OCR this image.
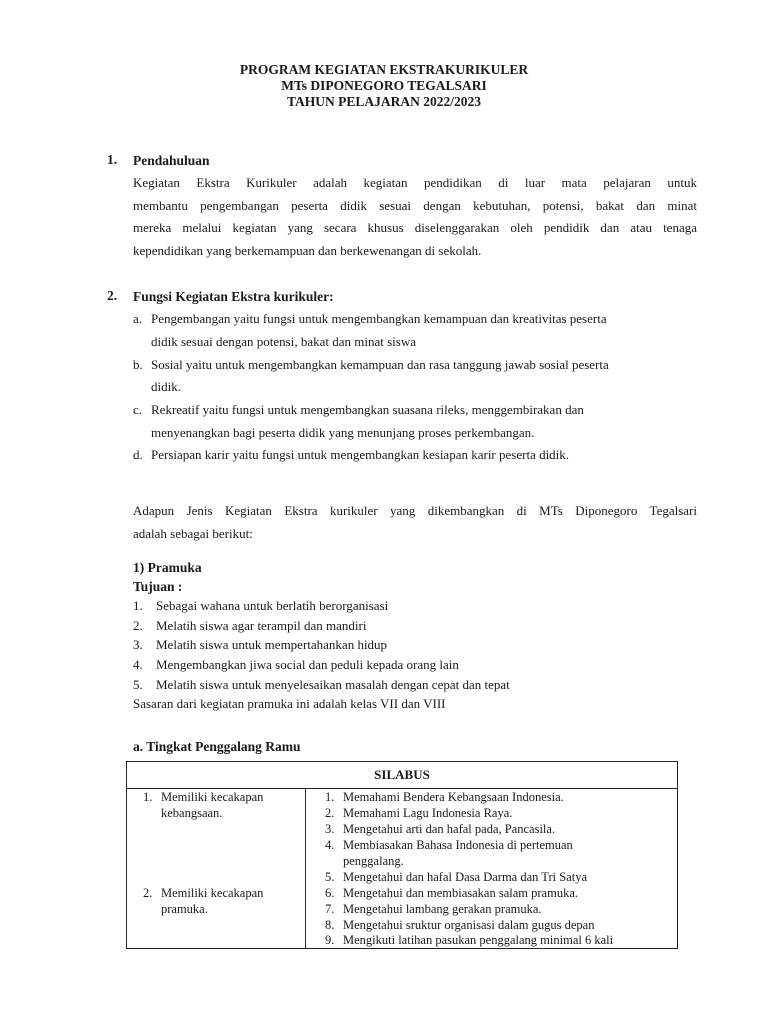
PROGRAM KEGIATAN EKSTRAKURIKULER
MTs DIPONEGORO TEGALSARI
TAHUN PELAJARAN 2022/2023
1. Pendahuluan
Kegiatan Ekstra Kurikuler adalah kegiatan pendidikan di luar mata pelajaran untuk
membantu pengembangan peserta didik sesuai dengan kebutuhan, potensi, bakat dan minat
mereka melalui kegiatan yang secara khusus diselenggarakan oleh pendidik dan atau tenaga
kependidikan yang berkemampuan dan berkewenangan di sekolah.
2. Fungsi Kegiatan Ekstra kurikuler:
a. Pengembangan yaitu fungsi untuk mengembangkan kemampuan dan kreativitas peserta
didik sesuai dengan potensi, bakat dan minat siswa
b. Sosial yaitu untuk mengembangkan kemampuan dan rasa tanggung jawab sosial peserta
didik.
c. Rekreatif yaitu fungsi untuk mengembangkan suasana rileks, menggembirakan dan
menyenangkan bagi peserta didik yang menunjang proses perkembangan.
d. Persiapan karir yaitu fungsi untuk mengembangkan kesiapan karir peserta didik.
Adapun Jenis Kegiatan Ekstra kurikuler yang dikembangkan di MTs Diponegoro Tegalsari
adalah sebagai berikut:
1) Pramuka
Tujuan :
1. Sebagai wahana untuk berlatih berorganisasi
2. Melatih siswa agar terampil dan mandiri
3. Melatih siswa untuk mempertahankan hidup
4. Mengembangkan jiwa social dan peduli kepada orang lain
5. Melatih siswa untuk menyelesaikan masalah dengan cepat dan tepat
Sasaran dari kegiatan pramuka ini adalah kelas VII dan VIII
a. Tingkat Penggalang Ramu
SILABUS
1. Memiliki kecakapan
kebangsaan.
2. Memiliki kecakapan
pramuka.
1. Memahami Bendera Kebangsaan Indonesia.
2. Memahami Lagu Indonesia Raya.
3. Mengetahui arti dan hafal pada, Pancasila.
4. Membiasakan Bahasa Indonesia di pertemuan
penggalang.
5. Mengetahui dan hafal Dasa Darma dan Tri Satya
6. Mengetahui dan membiasakan salam pramuka.
7. Mengetahui lambang gerakan pramuka.
8. Mengetahui sruktur organisasi dalam gugus depan
9. Mengikuti latihan pasukan penggalang minimal 6 kali
